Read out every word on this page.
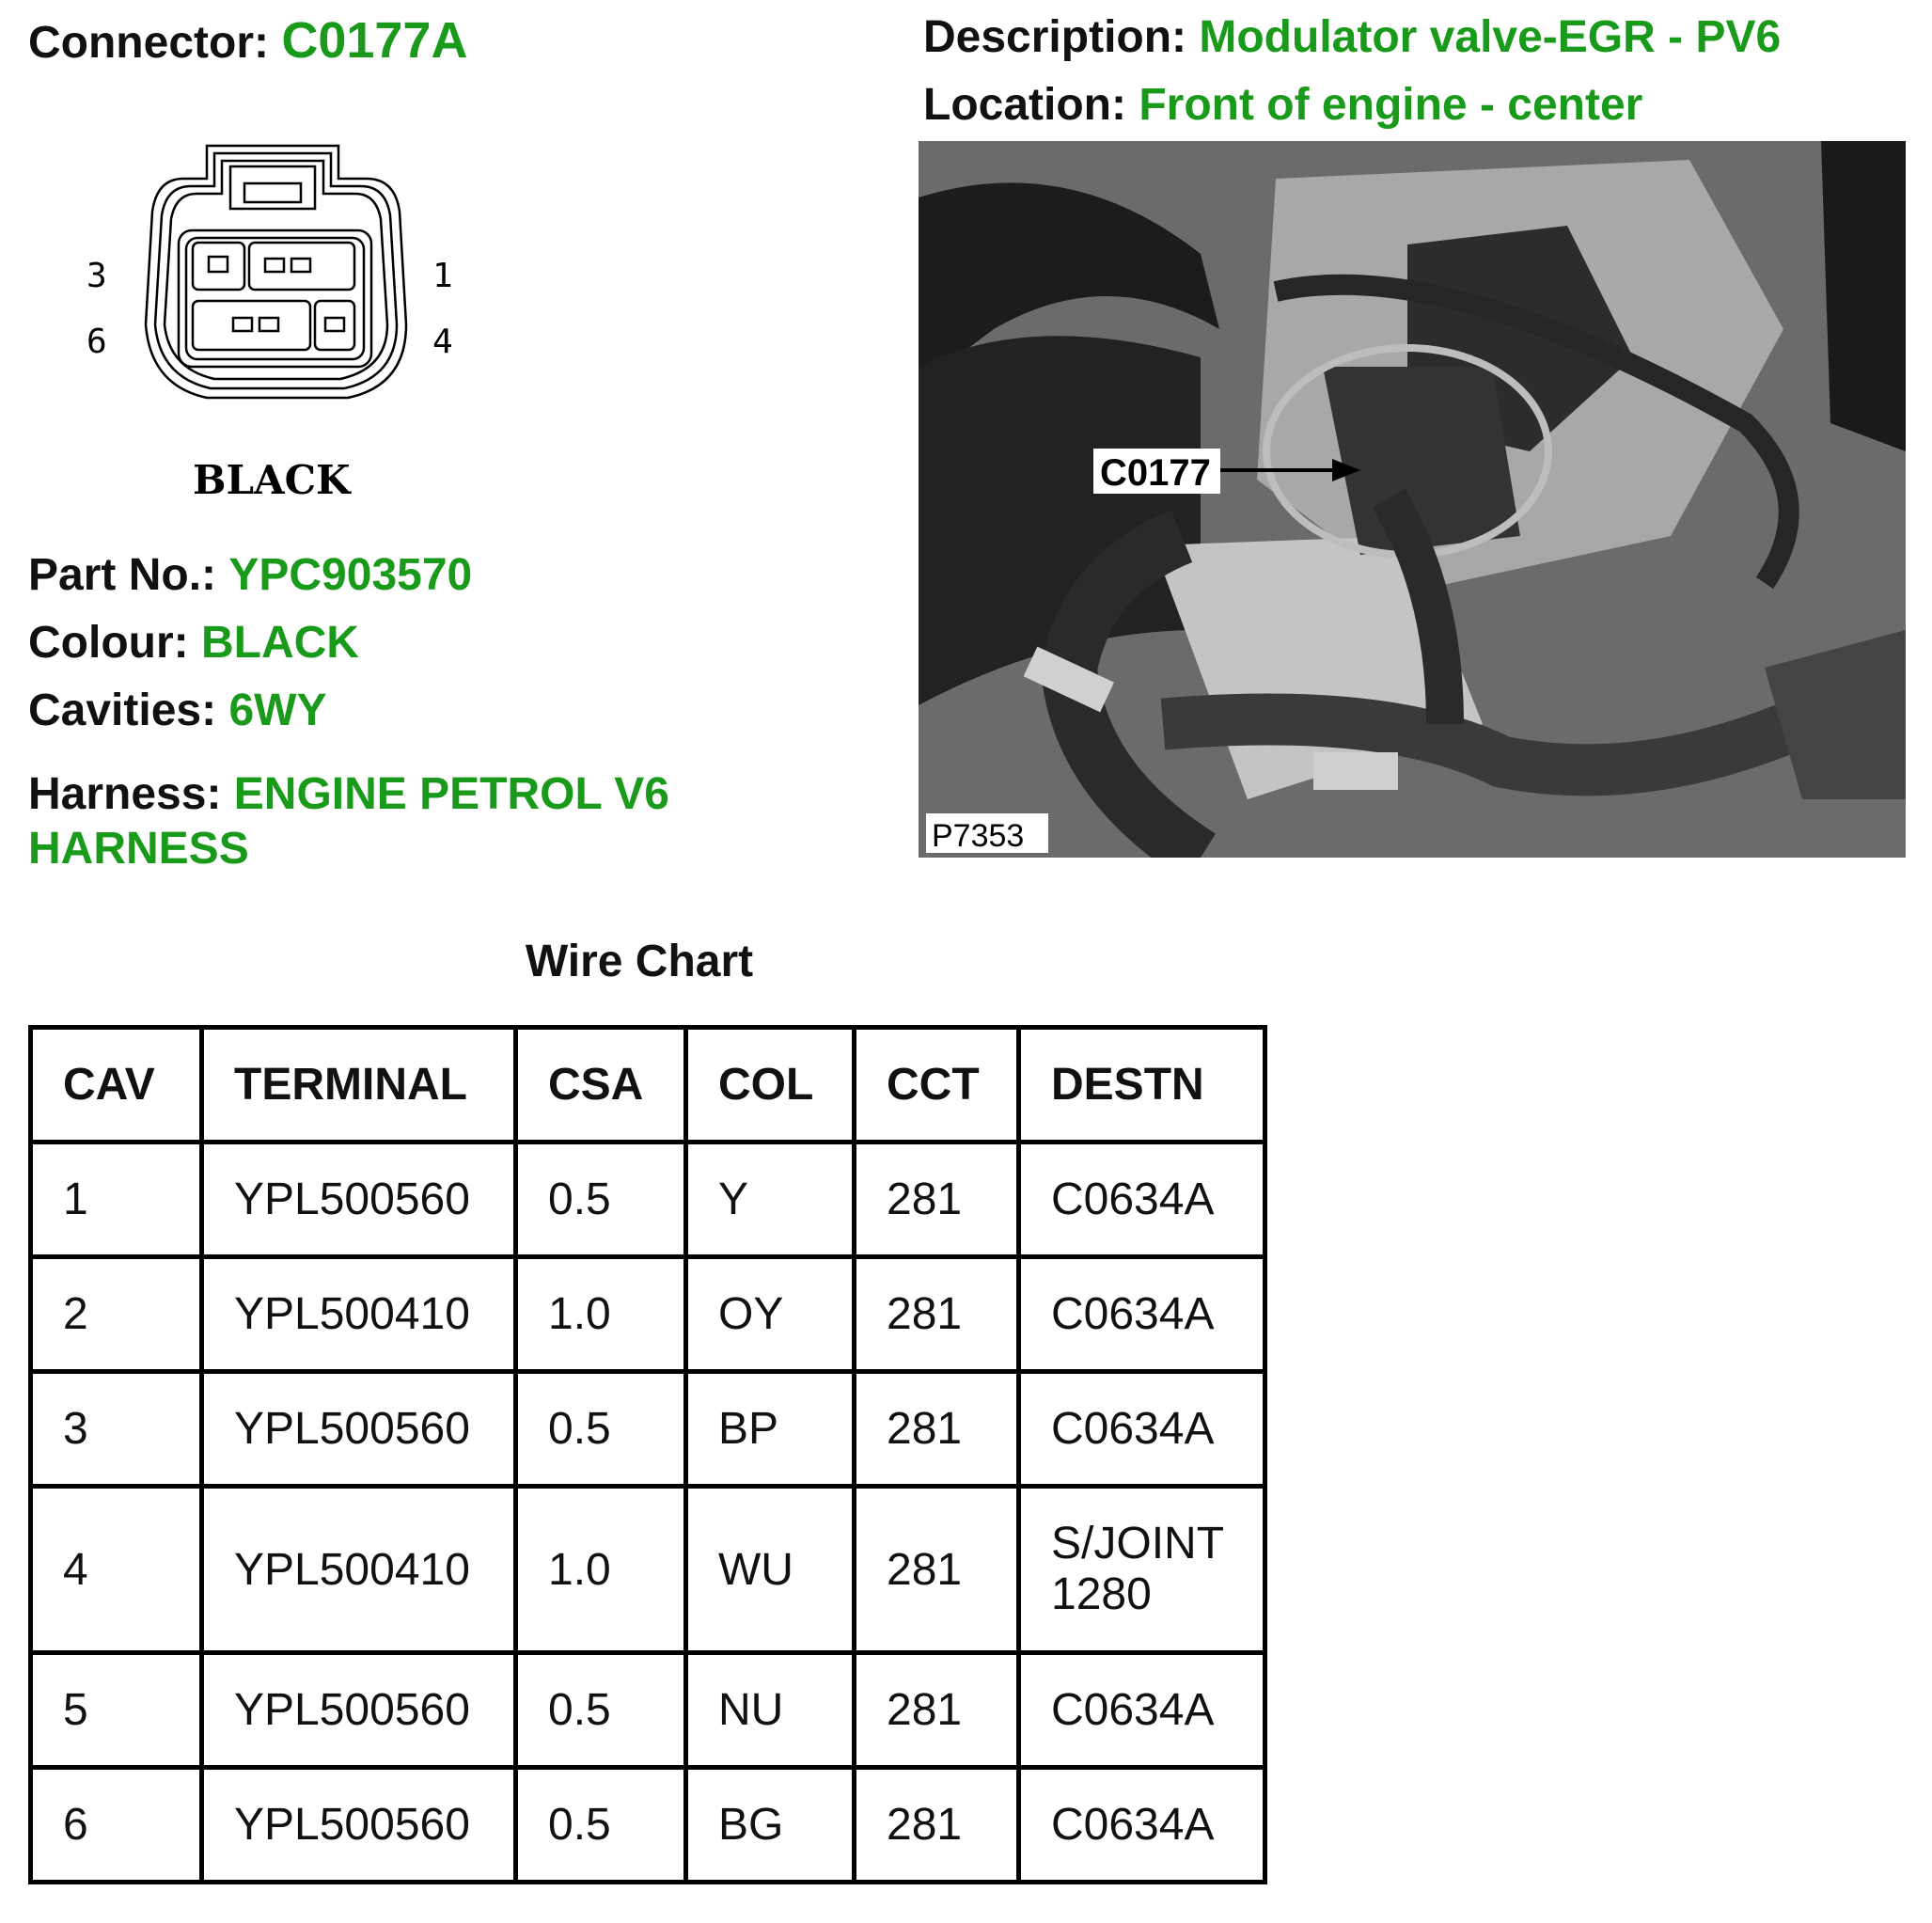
Connector: C0177A	Description: Modulator valve-EGR - PV6
Location: Front of engine - center
3	1
6	4
BLACK	C0177
P7353
Part No.: YPC903570
Colour: BLACK
Cavities: 6WY
Harness: ENGINE PETROL V6
HARNESS
Wire Chart
CAV	TERMINAL	CSA	COL	CCT	DESTN
1	YPL500560	0.5	Y	281	C0634A
2	YPL500410	1.0	OY	281	C0634A
3	YPL500560	0.5	BP	281	C0634A
4	YPL500410	1.0	WU	281	S/JOINT
1280

5	YPL500560	0.5	NU	281	C0634A
6	YPL500560	0.5	BG	281	C0634A
